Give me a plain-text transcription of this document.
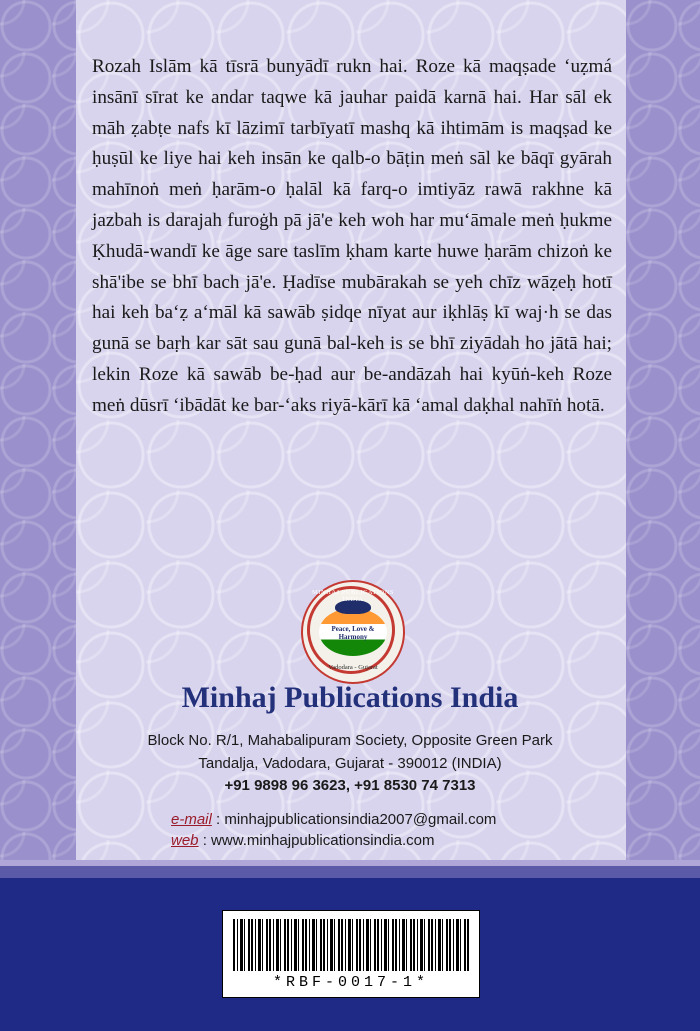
Rozah Islām kā tīsrā bunyādī rukn hai. Roze kā maqṣade ʻuẓmá insānī sīrat ke andar taqwe kā jauhar paidā karnā hai. Har sāl ek māh ẓabṭe nafs kī lāzimī tarbīyatī mashq kā ihtimām is maqṣad ke ḥuṣūl ke liye hai keh insān ke qalb-o bāṭin meṅ sāl ke bāqī gyārah mahīnoṅ meṅ ḥarām-o ḥalāl kā farq-o imtiyāz rawā rakhne kā jazbah is darajah furoġh pā jā'e keh woh har muʻāmale meṅ ḥukme Ḳhudā-wandī ke āge sare taslīm ḳham karte huwe ḥarām chizoṅ ke shā'ibe se bhī bach jā'e. Ḥadīse mubārakah se yeh chīz wāẓeḥ hotī hai keh baʻẓ aʻmāl kā sawāb ṣidqe nīyat aur iḳhlāṣ kī waj·h se das gunā se baṛh kar sāt sau gunā bal-keh is se bhī ziyādah ho jātā hai; lekin Roze kā sawāb be-ḥad aur be-andāzah hai kyūṅ-keh Roze meṅ dūsrī ʻibādāt ke bar-ʻaks riyā-kārī kā ʻamal daḳhal nahīṅ hotā.

MINHAJ PUBLICATIONS INDIA
Peace, Love & Harmony
Vadodara - Gujarat
Minhaj Publications India

Block No. R/1, Mahabalipuram Society, Opposite Green Park

Tandalja, Vadodara, Gujarat - 390012 (INDIA)

+91 9898 96 3623, +91 8530 74 7313

e-mail : minhajpublicationsindia2007@gmail.com
web : www.minhajpublicationsindia.com
*RBF-0017-1*
